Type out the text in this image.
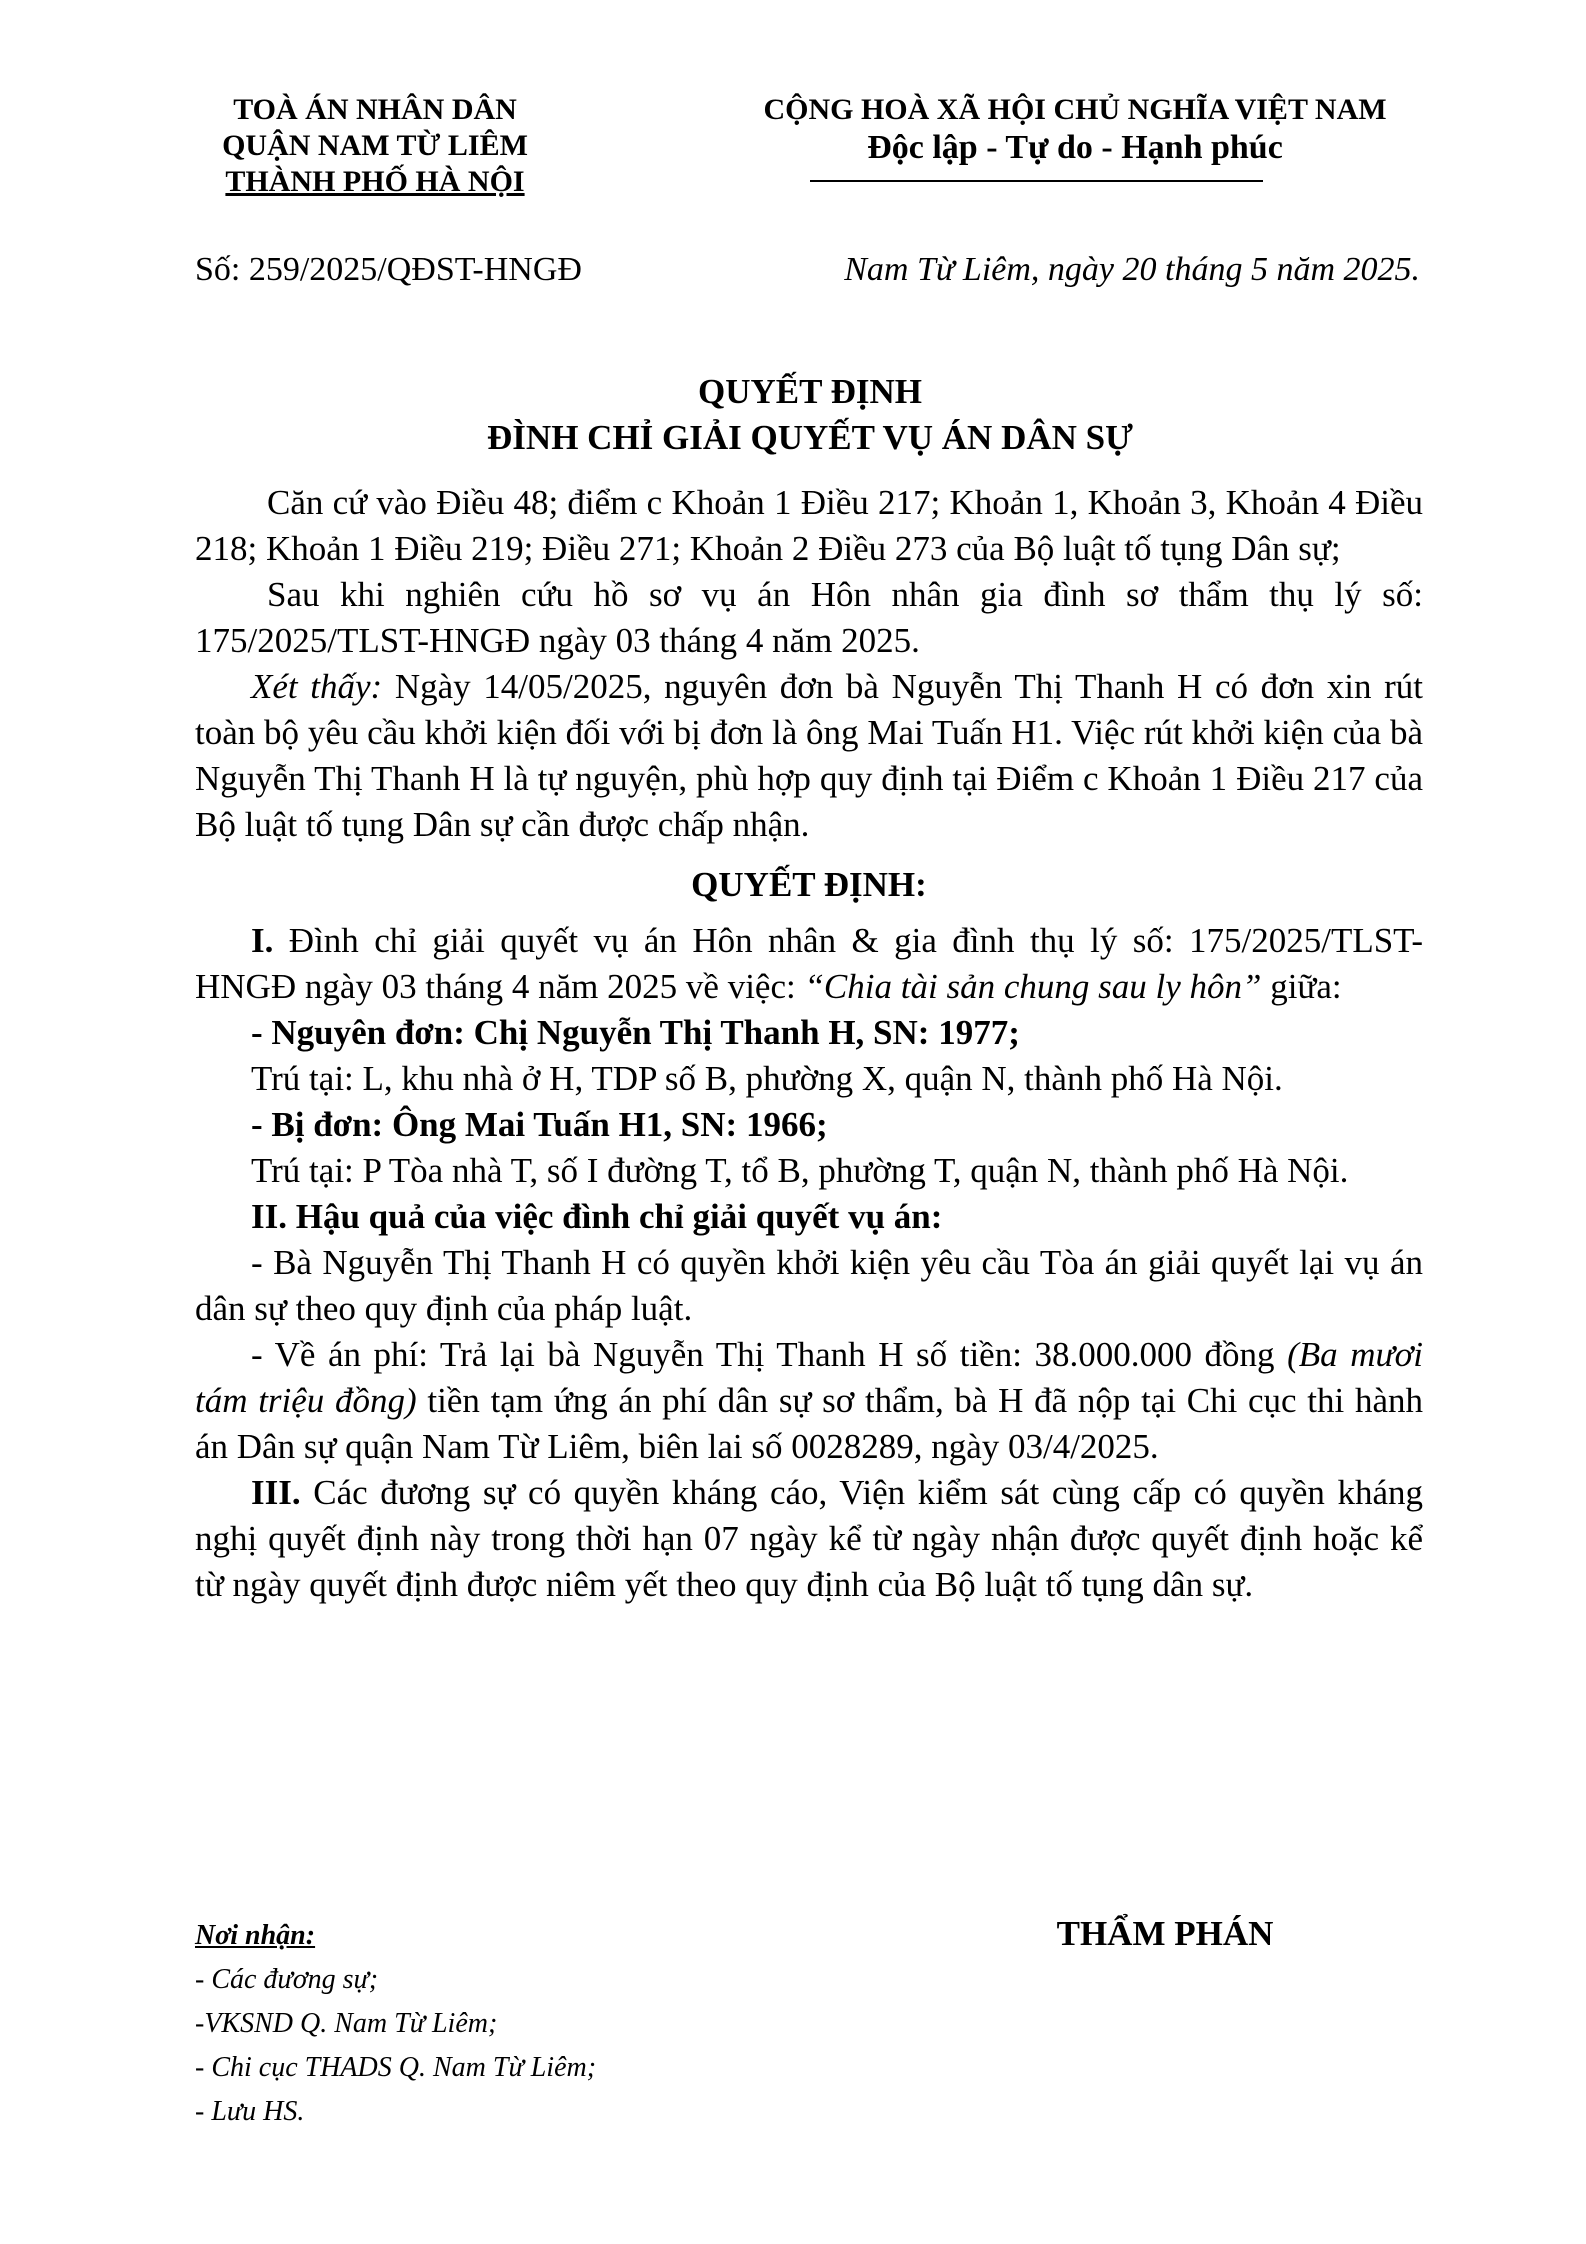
TOÀ ÁN NHÂN DÂN
QUẬN NAM TỪ LIÊM
THÀNH PHỐ HÀ NỘI
CỘNG HOÀ XÃ HỘI CHỦ NGHĨA VIỆT NAM
Độc lập - Tự do - Hạnh phúc
Số: 259/2025/QĐST-HNGĐ	Nam Từ Liêm, ngày 20 tháng 5 năm 2025.
QUYẾT ĐỊNH
ĐÌNH CHỈ GIẢI QUYẾT VỤ ÁN DÂN SỰ

Căn cứ vào Điều 48; điểm c Khoản 1 Điều 217; Khoản 1, Khoản 3, Khoản 4 Điều 218; Khoản 1 Điều 219; Điều 271; Khoản 2 Điều 273 của Bộ luật tố tụng Dân sự;

Sau khi nghiên cứu hồ sơ vụ án Hôn nhân gia đình sơ thẩm thụ lý số: 175/2025/TLST-HNGĐ ngày 03 tháng 4 năm 2025.

Xét thấy: Ngày 14/05/2025, nguyên đơn bà Nguyễn Thị Thanh H có đơn xin rút toàn bộ yêu cầu khởi kiện đối với bị đơn là ông Mai Tuấn H1. Việc rút khởi kiện của bà Nguyễn Thị Thanh H là tự nguyện, phù hợp quy định tại Điểm c Khoản 1 Điều 217 của Bộ luật tố tụng Dân sự cần được chấp nhận.

QUYẾT ĐỊNH:

I. Đình chỉ giải quyết vụ án Hôn nhân & gia đình thụ lý số: 175/2025/TLST-HNGĐ ngày 03 tháng 4 năm 2025 về việc: “Chia tài sản chung sau ly hôn” giữa:

- Nguyên đơn: Chị Nguyễn Thị Thanh H, SN: 1977;

Trú tại: L, khu nhà ở H, TDP số B, phường X, quận N, thành phố Hà Nội.

- Bị đơn: Ông Mai Tuấn H1, SN: 1966;

Trú tại: P Tòa nhà T, số I đường T, tổ B, phường T, quận N, thành phố Hà Nội.

II. Hậu quả của việc đình chỉ giải quyết vụ án:

- Bà Nguyễn Thị Thanh H có quyền khởi kiện yêu cầu Tòa án giải quyết lại vụ án dân sự theo quy định của pháp luật.

- Về án phí: Trả lại bà Nguyễn Thị Thanh H số tiền: 38.000.000 đồng (Ba mươi tám triệu đồng) tiền tạm ứng án phí dân sự sơ thẩm, bà H đã nộp tại Chi cục thi hành án Dân sự quận Nam Từ Liêm, biên lai số 0028289, ngày 03/4/2025.

III. Các đương sự có quyền kháng cáo, Viện kiểm sát cùng cấp có quyền kháng nghị quyết định này trong thời hạn 07 ngày kể từ ngày nhận được quyết định hoặc kể từ ngày quyết định được niêm yết theo quy định của Bộ luật tố tụng dân sự.

Nơi nhận:
- Các đương sự;
-VKSND Q. Nam Từ Liêm;
- Chi cục THADS Q. Nam Từ Liêm;
- Lưu HS.
THẨM PHÁN
